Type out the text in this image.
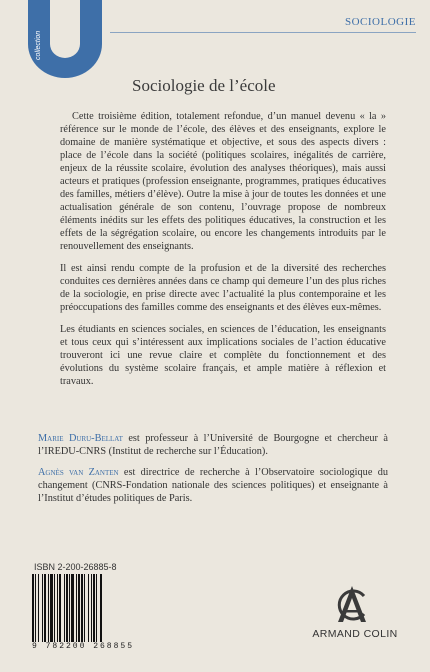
collection
SOCIOLOGIE
Sociologie de l’école

Cette troisième édition, totalement refondue, d’un manuel devenu « la » référence sur le monde de l’école, des élèves et des enseignants, explore le domaine de manière systématique et objective, et sous des aspects divers : place de l’école dans la société (politiques scolaires, inégalités de carrière, enjeux de la réussite scolaire, évolution des analyses théoriques), mais aussi acteurs et pratiques (profession enseignante, programmes, pratiques éducatives des familles, métiers d’élève). Outre la mise à jour de toutes les données et une actualisation générale de son contenu, l’ouvrage propose de nombreux éléments inédits sur les effets des politiques éducatives, la construction et les effets de la ségrégation scolaire, ou encore les changements introduits par le renouvellement des enseignants.

Il est ainsi rendu compte de la profusion et de la diversité des recherches conduites ces dernières années dans ce champ qui demeure l’un des plus riches de la sociologie, en prise directe avec l’actualité la plus contemporaine et les préoccupations des familles comme des enseignants et des élèves eux-mêmes.

Les étudiants en sciences sociales, en sciences de l’éducation, les enseignants et tous ceux qui s’intéressent aux implications sociales de l’action éducative trouveront ici une revue claire et complète du fonctionnement et des évolutions du système scolaire français, et ample matière à réflexion et travaux.

Marie Duru-Bellat est professeur à l’Université de Bourgogne et chercheur à l’IREDU-CNRS (Institut de recherche sur l’Éducation).

Agnès van Zanten est directrice de recherche à l’Observatoire sociologique du changement (CNRS-Fondation nationale des sciences politiques) et enseignante à l’Institut d’études politiques de Paris.

ISBN 2-200-26885-8
9 782200 268855
ARMAND COLIN
